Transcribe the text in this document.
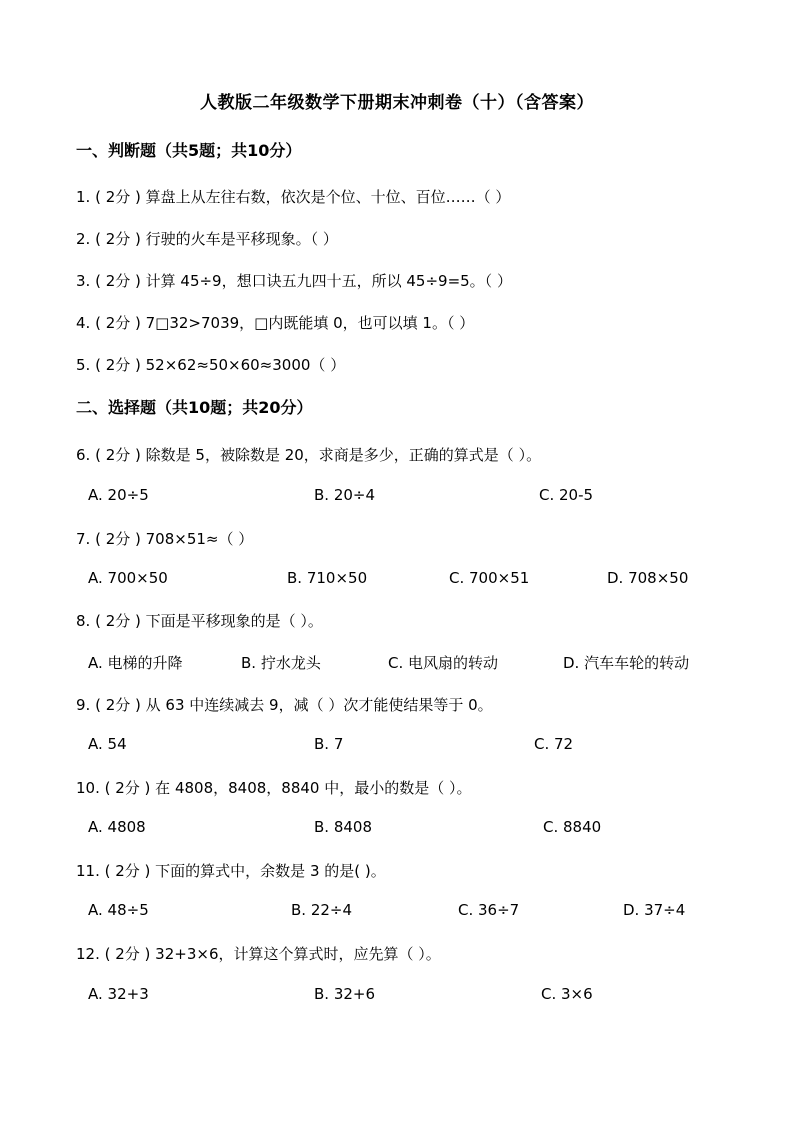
人教版二年级数学下册期末冲刺卷（十）（含答案）
一、判断题（共5题；共10分）
1. ( 2分 ) 算盘上从左往右数，依次是个位、十位、百位……（ ）
2. ( 2分 ) 行驶的火车是平移现象。（ ）
3. ( 2分 ) 计算 45÷9，想口诀五九四十五，所以 45÷9=5。（ ）
4. ( 2分 ) 7□32>7039，□内既能填 0，也可以填 1。（ ）
5. ( 2分 ) 52×62≈50×60≈3000（ ）
二、选择题（共10题；共20分）
6. ( 2分 ) 除数是 5，被除数是 20，求商是多少，正确的算式是（ ）。
A. 20÷5	B. 20÷4	C. 20-5
7. ( 2分 ) 708×51≈（ ）
A. 700×50	B. 710×50	C. 700×51	D. 708×50
8. ( 2分 ) 下面是平移现象的是（ ）。
A. 电梯的升降	B. 拧水龙头	C. 电风扇的转动	D. 汽车车轮的转动
9. ( 2分 ) 从 63 中连续减去 9，减（ ）次才能使结果等于 0。
A. 54	B. 7	C. 72
10. ( 2分 ) 在 4808，8408，8840 中，最小的数是（ ）。
A. 4808	B. 8408	C. 8840
11. ( 2分 ) 下面的算式中，余数是 3 的是( )。
A. 48÷5	B. 22÷4	C. 36÷7	D. 37÷4
12. ( 2分 ) 32+3×6，计算这个算式时，应先算（ ）。
A. 32+3	B. 32+6	C. 3×6
